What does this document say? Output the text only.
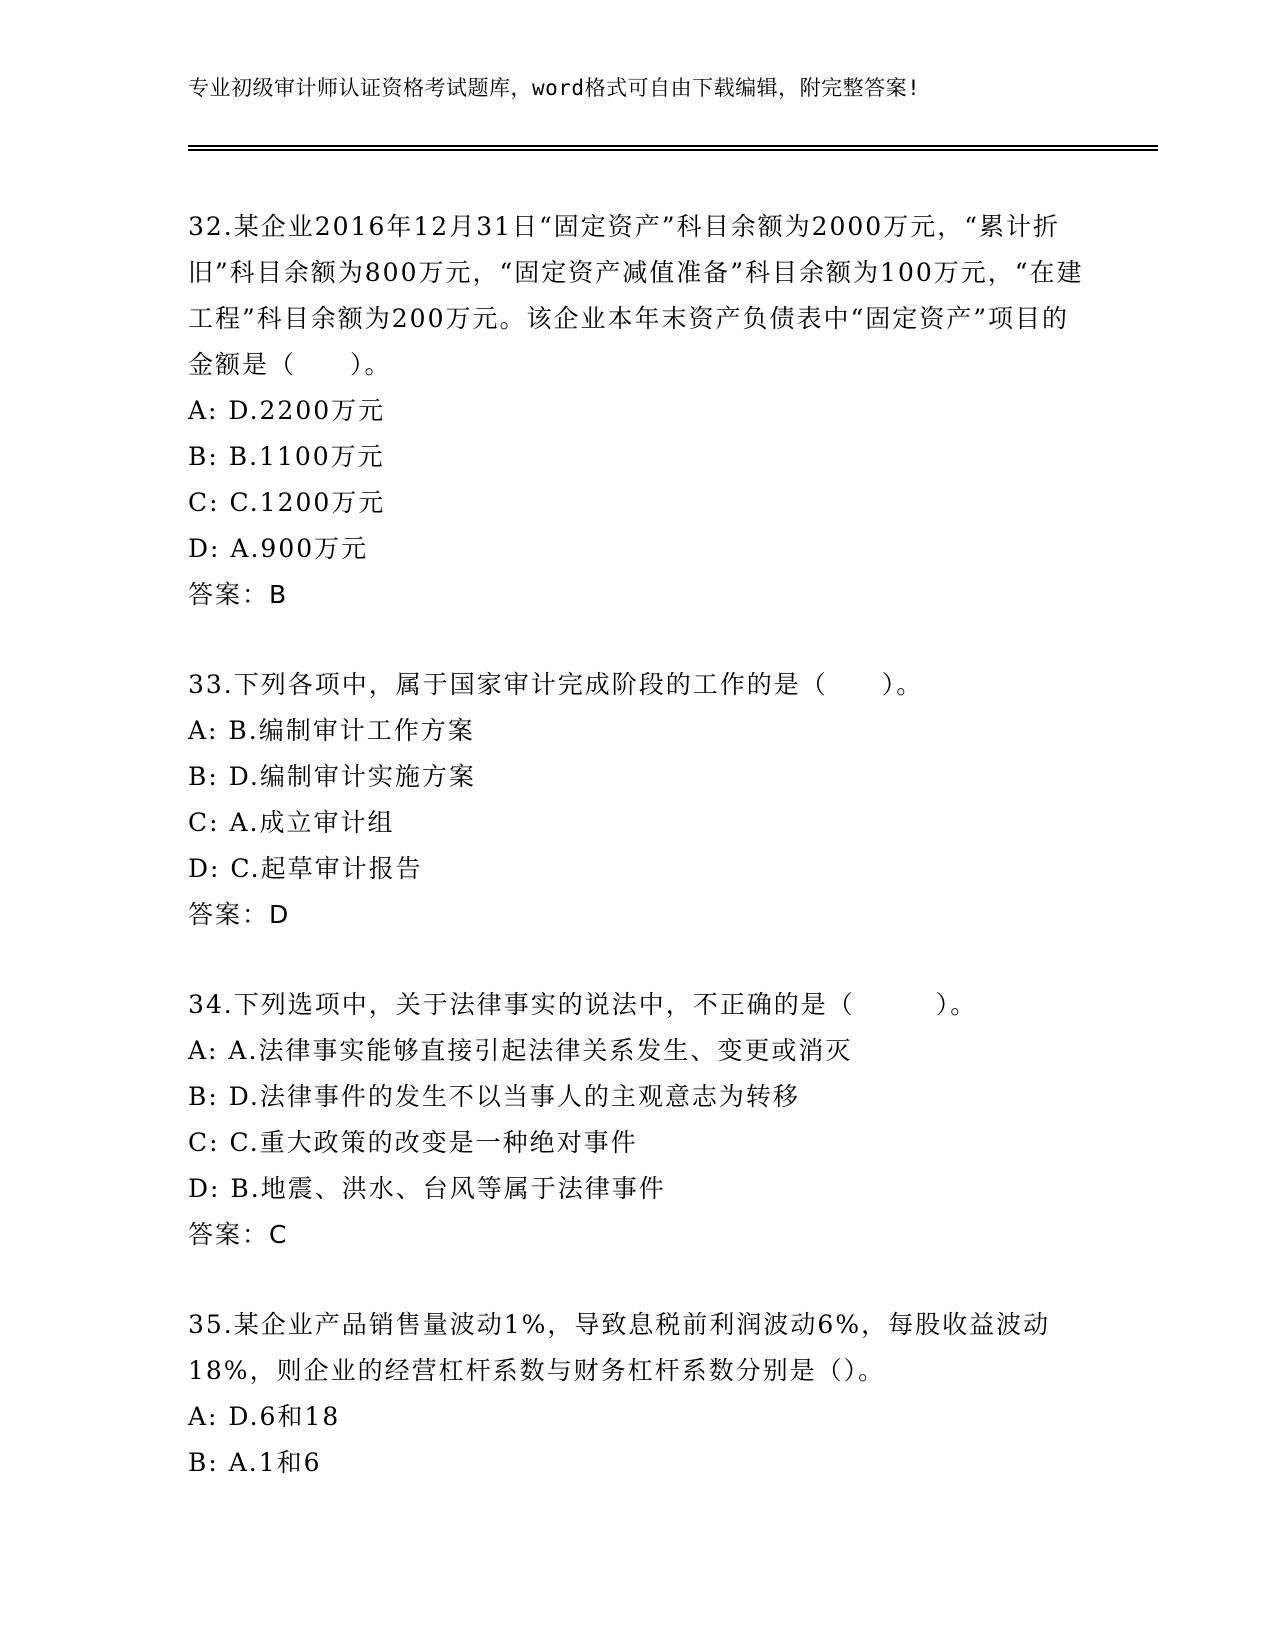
专业初级审计师认证资格考试题库，word格式可自由下载编辑，附完整答案!

32.某企业2016年12月31日“固定资产”科目余额为2000万元，“累计折旧”科目余额为800万元，“固定资产减值准备”科目余额为100万元，“在建工程”科目余额为200万元。该企业本年末资产负债表中“固定资产”项目的金额是（　　）。

A: D.2200万元
B: B.1100万元
C: C.1200万元
D: A.900万元
答案：B

33.下列各项中，属于国家审计完成阶段的工作的是（　　）。

A: B.编制审计工作方案
B: D.编制审计实施方案
C: A.成立审计组
D: C.起草审计报告
答案：D

34.下列选项中，关于法律事实的说法中，不正确的是（　　　）。

A: A.法律事实能够直接引起法律关系发生、变更或消灭
B: D.法律事件的发生不以当事人的主观意志为转移
C: C.重大政策的改变是一种绝对事件
D: B.地震、洪水、台风等属于法律事件
答案：C

35.某企业产品销售量波动1%，导致息税前利润波动6%，每股收益波动18%，则企业的经营杠杆系数与财务杠杆系数分别是（）。

A: D.6和18
B: A.1和6
